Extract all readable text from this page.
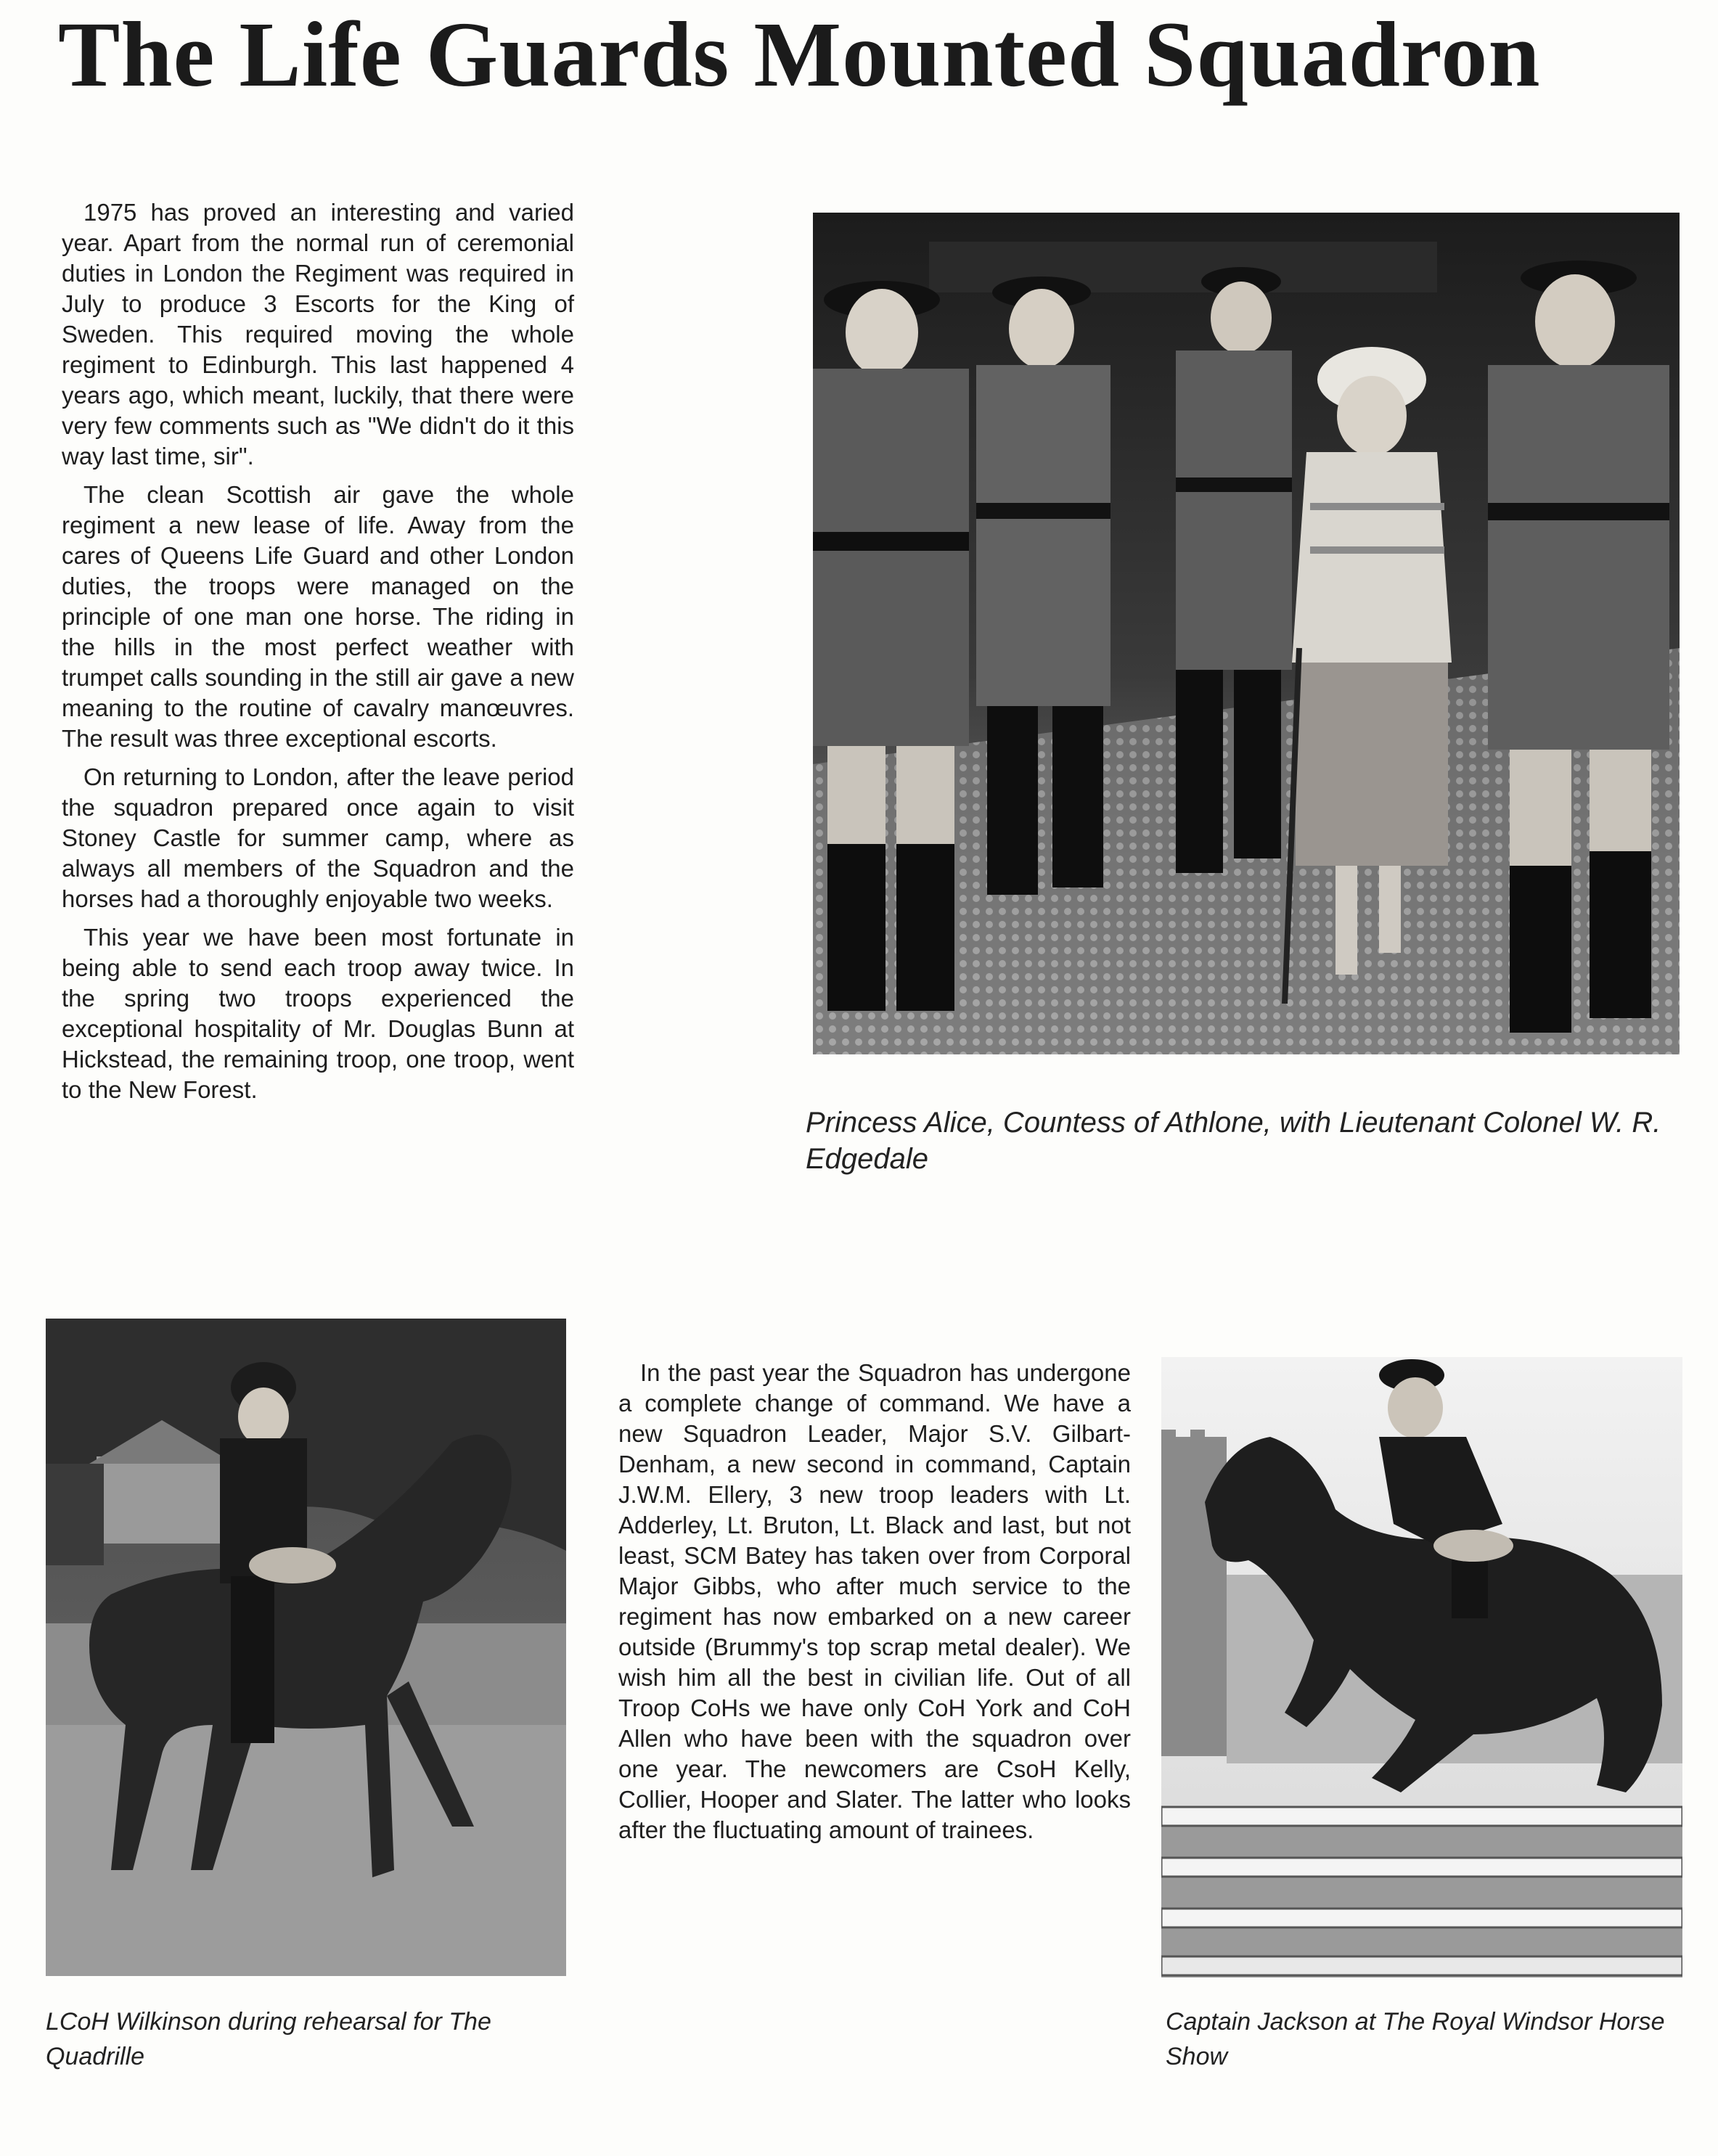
The Life Guards Mounted Squadron

1975 has proved an interesting and varied year. Apart from the normal run of ceremonial duties in London the Regiment was required in July to produce 3 Escorts for the King of Sweden. This required moving the whole regiment to Edinburgh. This last happened 4 years ago, which meant, luckily, that there were very few comments such as "We didn't do it this way last time, sir".

The clean Scottish air gave the whole regiment a new lease of life. Away from the cares of Queens Life Guard and other London duties, the troops were managed on the principle of one man one horse. The riding in the hills in the most perfect weather with trumpet calls sounding in the still air gave a new meaning to the routine of cavalry manœuvres. The result was three exceptional escorts.

On returning to London, after the leave period the squadron prepared once again to visit Stoney Castle for summer camp, where as always all members of the Squadron and the horses had a thoroughly enjoyable two weeks.

This year we have been most fortunate in being able to send each troop away twice. In the spring two troops experienced the exceptional hospitality of Mr. Douglas Bunn at Hickstead, the remaining troop, one troop, went to the New Forest.

Princess Alice, Countess of Athlone, with Lieutenant Colonel W. R. Edgedale
LCoH Wilkinson during rehearsal for The Quadrille

In the past year the Squadron has undergone a complete change of command. We have a new Squadron Leader, Major S.V. Gilbart-Denham, a new second in command, Captain J.W.M. Ellery, 3 new troop leaders with Lt. Adderley, Lt. Bruton, Lt. Black and last, but not least, SCM Batey has taken over from Corporal Major Gibbs, who after much service to the regiment has now embarked on a new career outside (Brummy's top scrap metal dealer). We wish him all the best in civilian life. Out of all Troop CoHs we have only CoH York and CoH Allen who have been with the squadron over one year. The newcomers are CsoH Kelly, Collier, Hooper and Slater. The latter who looks after the fluctuating amount of trainees.

Captain Jackson at The Royal Windsor Horse Show
